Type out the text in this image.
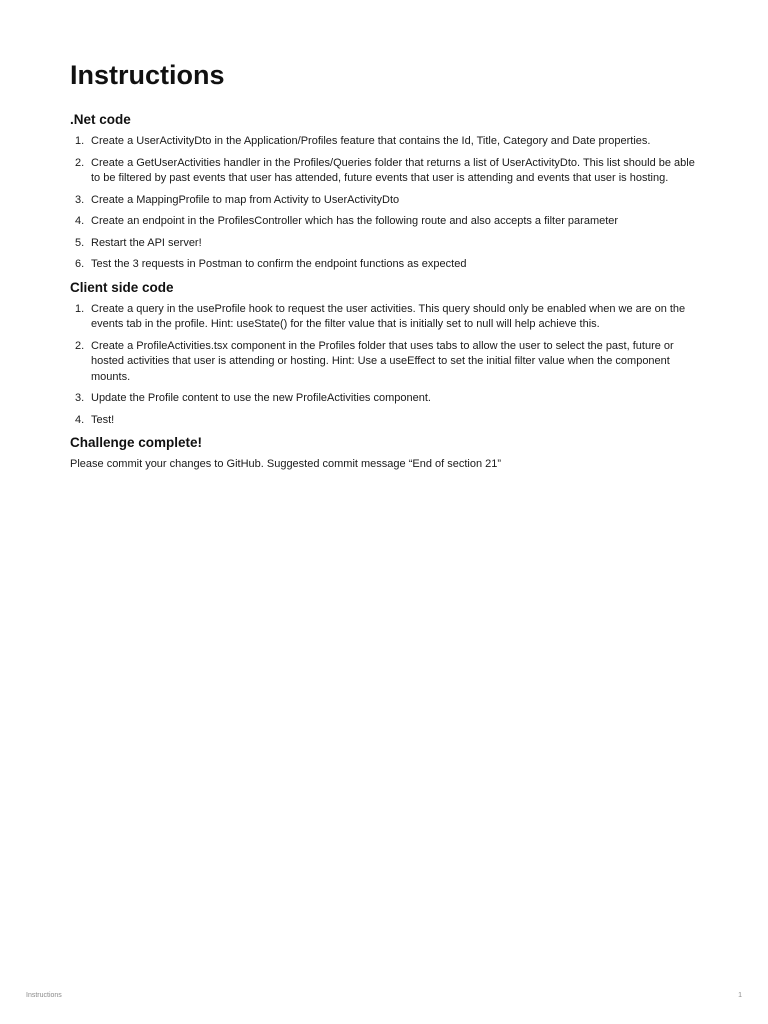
Instructions
.Net code
1. Create a UserActivityDto in the Application/Profiles feature that contains the Id, Title, Category and Date properties.
2. Create a GetUserActivities handler in the Profiles/Queries folder that returns a list of UserActivityDto. This list should be able to be filtered by past events that user has attended, future events that user is attending and events that user is hosting.
3. Create a MappingProfile to map from Activity to UserActivityDto
4. Create an endpoint in the ProfilesController which has the following route and also accepts a filter parameter
5. Restart the API server!
6. Test the 3 requests in Postman to confirm the endpoint functions as expected
Client side code
1. Create a query in the useProfile hook to request the user activities. This query should only be enabled when we are on the events tab in the profile. Hint: useState() for the filter value that is initially set to null will help achieve this.
2. Create a ProfileActivities.tsx component in the Profiles folder that uses tabs to allow the user to select the past, future or hosted activities that user is attending or hosting. Hint: Use a useEffect to set the initial filter value when the component mounts.
3. Update the Profile content to use the new ProfileActivities component.
4. Test!
Challenge complete!

Please commit your changes to GitHub. Suggested commit message “End of section 21”

Instructions	1
